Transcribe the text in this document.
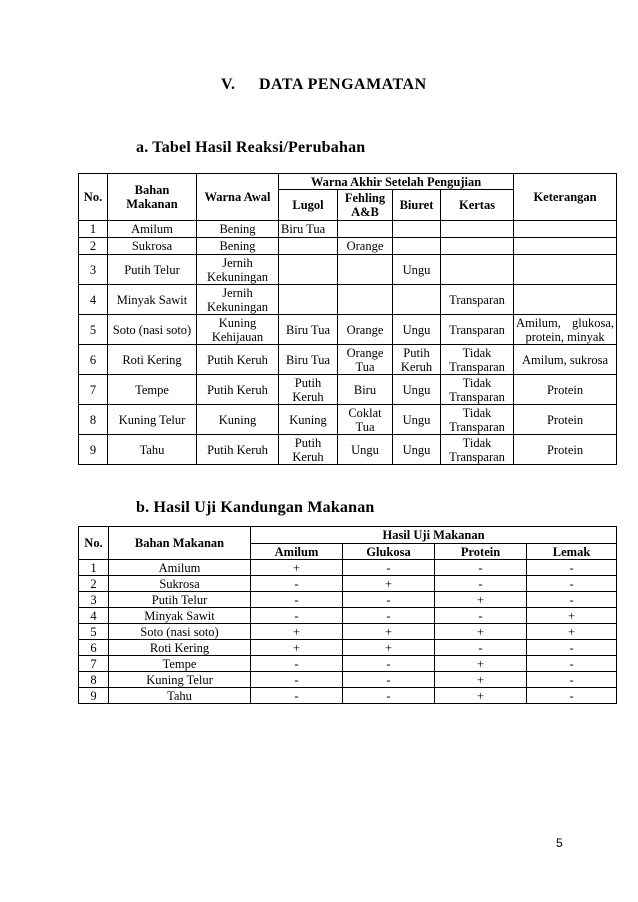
V. DATA PENGAMATAN
a. Tabel Hasil Reaksi/Perubahan
No.	Bahan Makanan	Warna Awal	Warna Akhir Setelah Pengujian				Keterangan
			Lugol	Fehling A&B	Biuret	Kertas	
1	Amilum	Bening	Biru Tua				
2	Sukrosa	Bening		Orange			
3	Putih Telur	Jernih Kekuningan			Ungu		
4	Minyak Sawit	Jernih Kekuningan				Transparan	
5	Soto (nasi soto)	Kuning Kehijauan	Biru Tua	Orange	Ungu	Transparan	Amilum, glukosa, protein, minyak
6	Roti Kering	Putih Keruh	Biru Tua	Orange Tua	Putih Keruh	Tidak Transparan	Amilum, sukrosa
7	Tempe	Putih Keruh	Putih Keruh	Biru	Ungu	Tidak Transparan	Protein
8	Kuning Telur	Kuning	Kuning	Coklat Tua	Ungu	Tidak Transparan	Protein
9	Tahu	Putih Keruh	Putih Keruh	Ungu	Ungu	Tidak Transparan	Protein
b. Hasil Uji Kandungan Makanan
No.	Bahan Makanan	Hasil Uji Makanan			
		Amilum	Glukosa	Protein	Lemak
1	Amilum	+	-	-	-
2	Sukrosa	-	+	-	-
3	Putih Telur	-	-	+	-
4	Minyak Sawit	-	-	-	+
5	Soto (nasi soto)	+	+	+	+
6	Roti Kering	+	+	-	-
7	Tempe	-	-	+	-
8	Kuning Telur	-	-	+	-
9	Tahu	-	-	+	-
5
